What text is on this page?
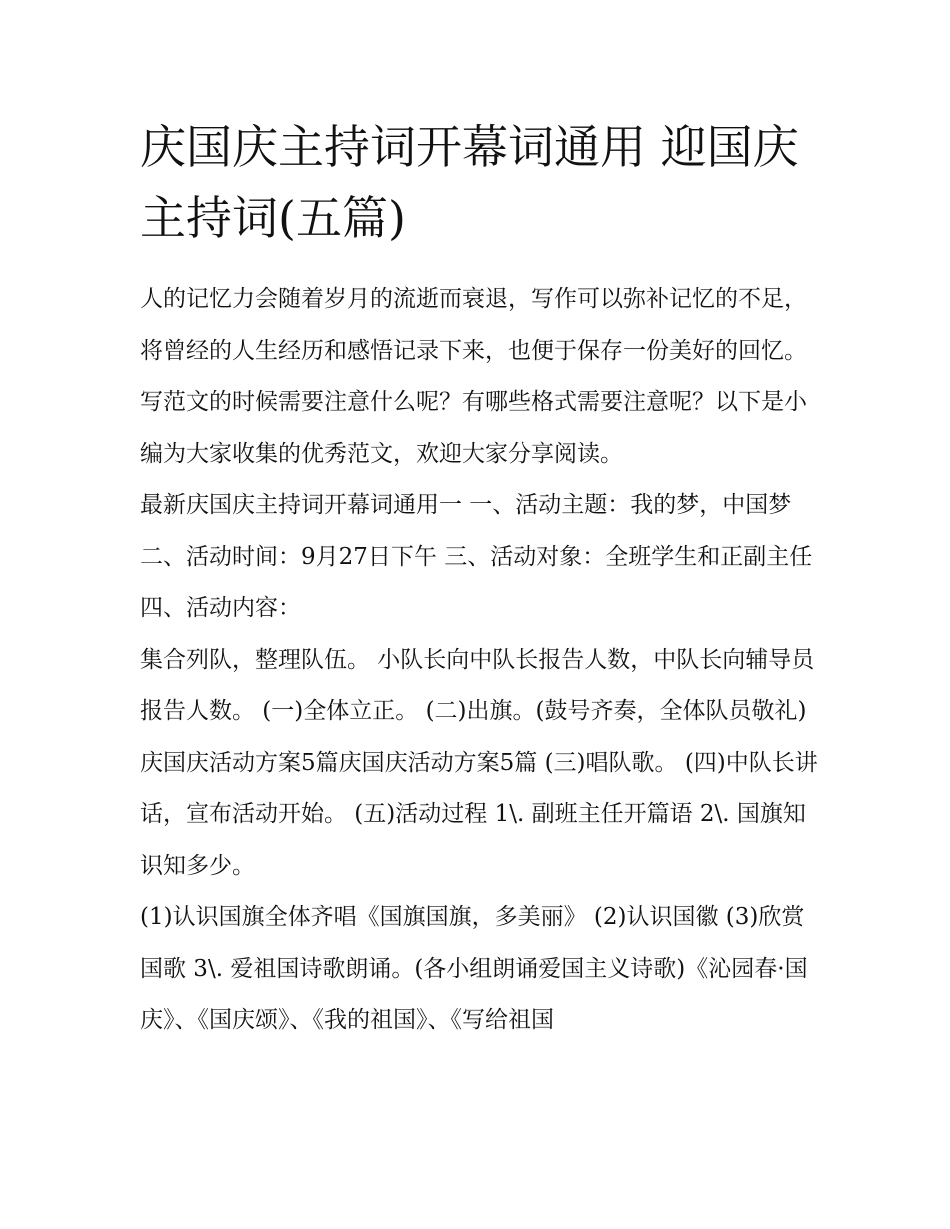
庆国庆主持词开幕词通用 迎国庆主持词(五篇)

人的记忆力会随着岁月的流逝而衰退，写作可以弥补记忆的不足，将曾经的人生经历和感悟记录下来，也便于保存一份美好的回忆。写范文的时候需要注意什么呢？有哪些格式需要注意呢？以下是小编为大家收集的优秀范文，欢迎大家分享阅读。

最新庆国庆主持词开幕词通用一 一、活动主题：我的梦，中国梦 二、活动时间：9月27日下午 三、活动对象：全班学生和正副主任 四、活动内容：

集合列队，整理队伍。 小队长向中队长报告人数，中队长向辅导员报告人数。 (一)全体立正。 (二)出旗。(鼓号齐奏，全体队员敬礼)

庆国庆活动方案5篇庆国庆活动方案5篇 (三)唱队歌。 (四)中队长讲话，宣布活动开始。 (五)活动过程 1\. 副班主任开篇语 2\. 国旗知识知多少。

(1)认识国旗全体齐唱《国旗国旗，多美丽》 (2)认识国徽 (3)欣赏国歌 3\. 爱祖国诗歌朗诵。(各小组朗诵爱国主义诗歌)《沁园春·国庆》、《国庆颂》、《我的祖国》、《写给祖国
